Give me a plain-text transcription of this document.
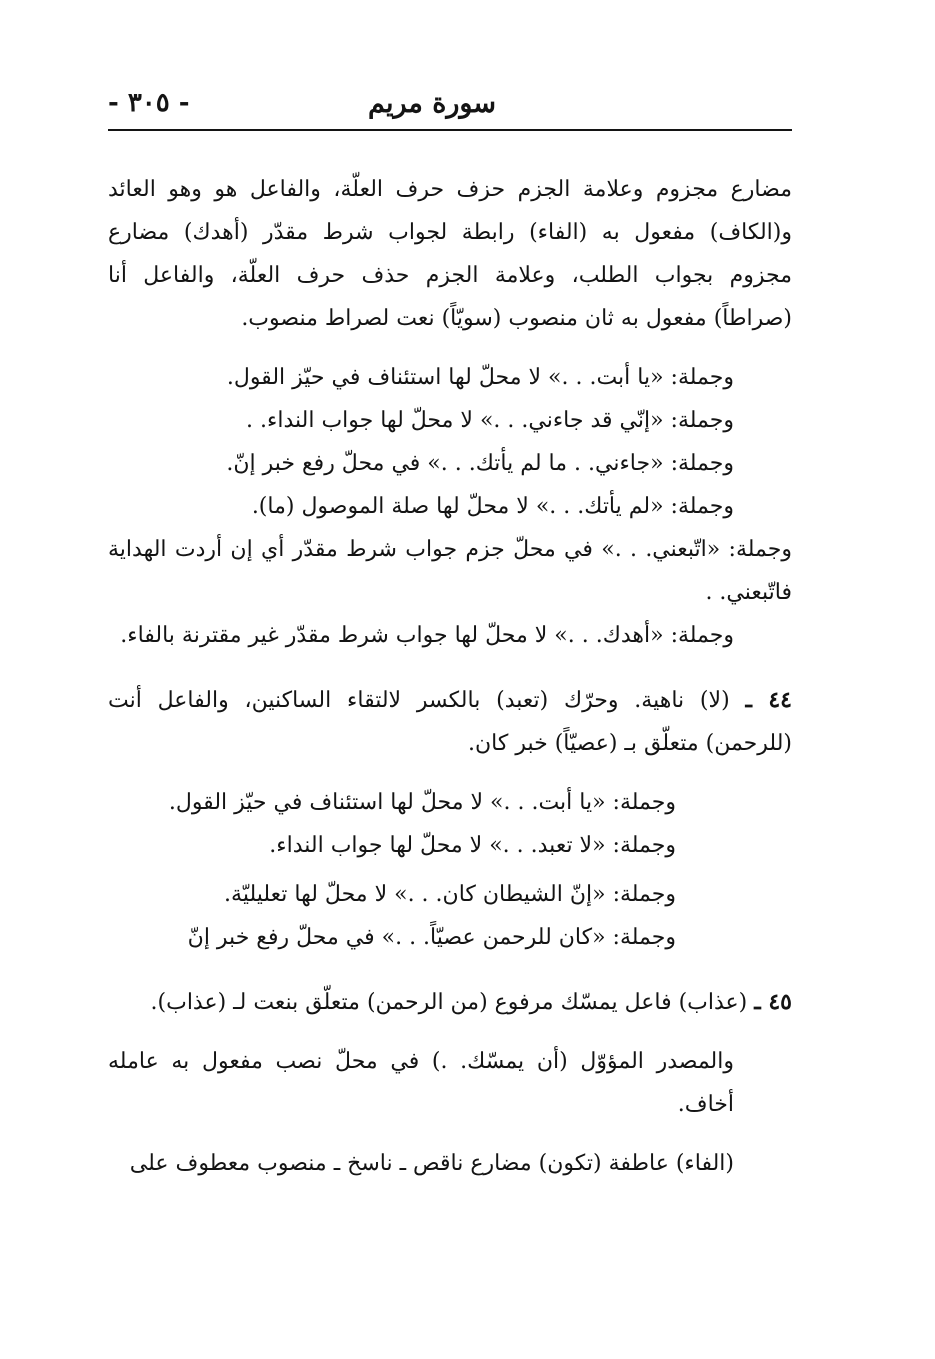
سورة مريم
- ٣٠٥ -

مضارع مجزوم وعلامة الجزم حزف حرف العلّة، والفاعل هو وهو العائد و(الكاف) مفعول به (الفاء) رابطة لجواب شرط مقدّر (أهدك) مضارع مجزوم بجواب الطلب، وعلامة الجزم حذف حرف العلّة، والفاعل أنا (صراطاً) مفعول به ثان منصوب (سويّاً) نعت لصراط منصوب.

وجملة: «يا أبت. . .» لا محلّ لها استئناف في حيّز القول.

وجملة: «إنّي قد جاءني. . .» لا محلّ لها جواب النداء. .

وجملة: «جاءني. . ما لم يأتك. . .» في محلّ رفع خبر إنّ.

وجملة: «لم يأتك. . .» لا محلّ لها صلة الموصول (ما).

وجملة: «اتّبعني. . .» في محلّ جزم جواب شرط مقدّر أي إن أردت الهداية فاتّبعني. .

وجملة: «أهدك. . .» لا محلّ لها جواب شرط مقدّر غير مقترنة بالفاء.

٤٤ ـ (لا) ناهية. وحرّك (تعبد) بالكسر لالتقاء الساكنين، والفاعل أنت (للرحمن) متعلّق بـ (عصيّاً) خبر كان.

وجملة: «يا أبت. . .» لا محلّ لها استئناف في حيّز القول.

وجملة: «لا تعبد. . .» لا محلّ لها جواب النداء.

وجملة: «إنّ الشيطان كان. . .» لا محلّ لها تعليليّة.

وجملة: «كان للرحمن عصيّاً. . .» في محلّ رفع خبر إنّ

٤٥ ـ (عذاب) فاعل يمسّك مرفوع (من الرحمن) متعلّق بنعت لـ (عذاب).

والمصدر المؤوّل (أن يمسّك. .) في محلّ نصب مفعول به عامله أخاف.

(الفاء) عاطفة (تكون) مضارع ناقص ـ ناسخ ـ منصوب معطوف على
